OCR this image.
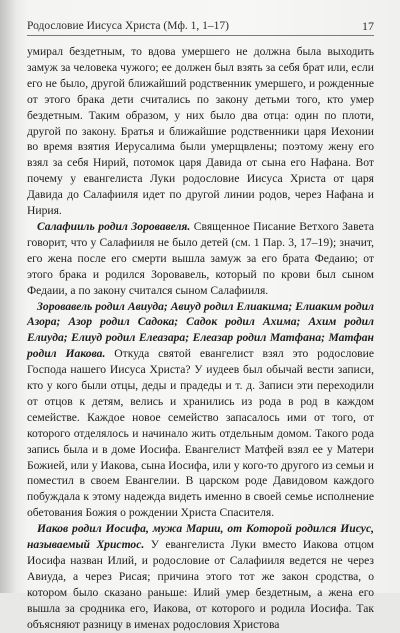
Родословие Иисуса Христа (Мф. 1, 1–17)	17

умирал бездетным, то вдова умершего не должна была выходить замуж за человека чужого; ее должен был взять за себя брат или, если его не было, другой ближайший родственник умершего, и рожденные от этого брака дети считались по закону детьми того, кто умер бездетным. Таким образом, у них было два отца: один по плоти, другой по закону. Братья и ближайшие родственники царя Иехонии во время взятия Иерусалима были умерщвлены; поэтому жену его взял за себя Нирий, потомок царя Давида от сына его Нафана. Вот почему у евангелиста Луки родословие Иисуса Христа от царя Давида до Салафииля идет по другой линии родов, через Нафана и Нирия.

Салафииль родил Зоровавеля. Священное Писание Ветхого Завета говорит, что у Салафииля не было детей (см. 1 Пар. 3, 17–19); значит, его жена после его смерти вышла замуж за его брата Федаию; от этого брака и родился Зоровавель, который по крови был сыном Федаии, а по закону считался сыном Салафииля.

Зоровавель родил Авиуда; Авиуд родил Елиакима; Елиаким родил Азора; Азор родил Садока; Садок родил Ахима; Ахим родил Елиуда; Елиуд родил Елеазара; Елеазар родил Матфана; Матфан родил Иакова. Откуда святой евангелист взял это родословие Господа нашего Иисуса Христа? У иудеев был обычай вести записи, кто у кого были отцы, деды и прадеды и т. д. Записи эти переходили от отцов к детям, велись и хранились из рода в род в каждом семействе. Каждое новое семейство запасалось ими от того, от которого отделялось и начинало жить отдельным домом. Такого рода запись была и в доме Иосифа. Евангелист Матфей взял ее у Матери Божией, или у Иакова, сына Иосифа, или у кого-то другого из семьи и поместил в своем Евангелии. В царском роде Давидовом каждого побуждала к этому надежда видеть именно в своей семье исполнение обетования Божия о рождении Христа Спасителя.

Иаков родил Иосифа, мужа Марии, от Которой родился Иисус, называемый Христос. У евангелиста Луки вместо Иакова отцом Иосифа назван Илий, и родословие от Салафииля ведется не через Авиуда, а через Рисая; причина этого тот же закон сродства, о котором было сказано раньше: Илий умер бездетным, а жена его вышла за сродника его, Иакова, от которого и родила Иосифа. Так объясняют разницу в именах родословия Христова
